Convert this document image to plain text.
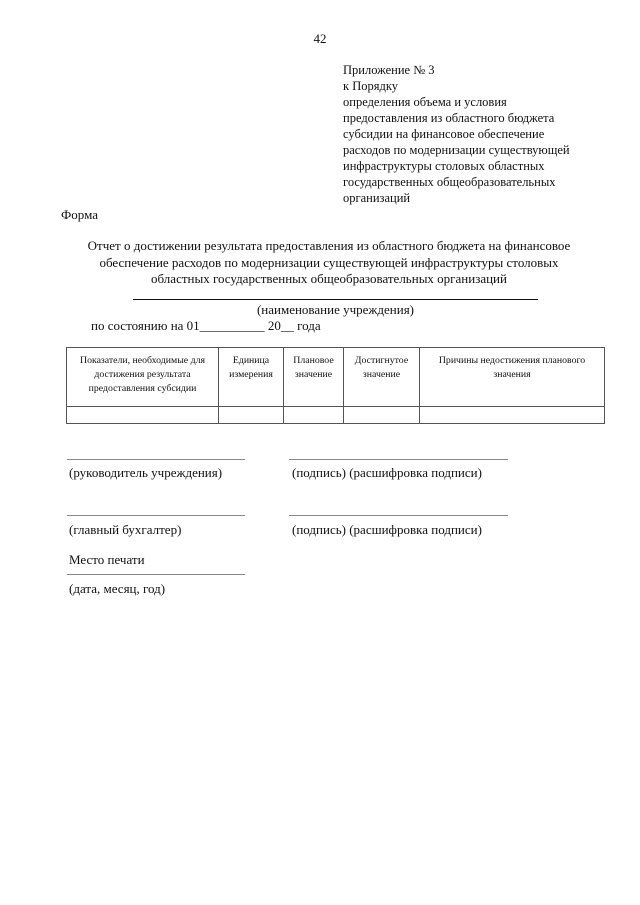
42
Приложение № 3
к Порядку
определения объема и условия
предоставления из областного бюджета
субсидии на финансовое обеспечение
расходов по модернизации существующей
инфраструктуры столовых областных
государственных общеобразовательных
организаций
Форма
Отчет о достижении результата предоставления из областного бюджета на финансовое
обеспечение расходов по модернизации существующей инфраструктуры столовых
областных государственных общеобразовательных организаций
(наименование учреждения)
по состоянию на 01__________ 20__ года
Показатели, необходимые для достижения результата предоставления субсидии	Единица измерения	Плановое значение	Достигнутое значение	Причины недостижения планового значения

(руководитель учреждения)	(подпись) (расшифровка подписи)
(главный бухгалтер)	(подпись) (расшифровка подписи)
Место печати
(дата, месяц, год)
